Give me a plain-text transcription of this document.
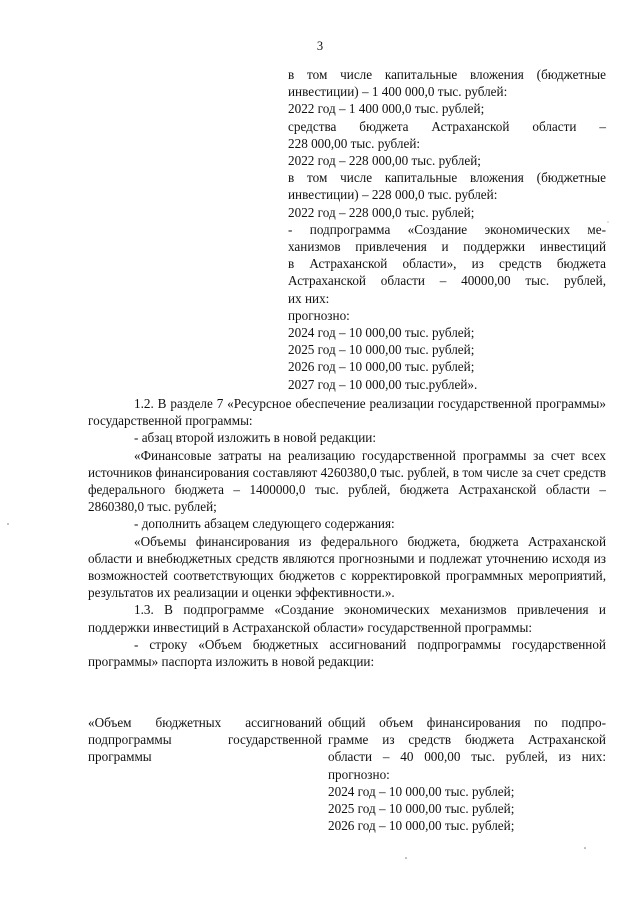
3
в том числе капитальные вложения (бюджетные
инвестиции) – 1 400 000,0 тыс. рублей:
2022 год – 1 400 000,0 тыс. рублей;
средства бюджета Астраханской области –
228 000,00 тыс. рублей:
2022 год – 228 000,00 тыс. рублей;
в том числе капитальные вложения (бюджетные
инвестиции) – 228 000,0 тыс. рублей:
2022 год – 228 000,0 тыс. рублей;
- подпрограмма «Создание экономических ме-
ханизмов привлечения и поддержки инвестиций
в Астраханской области», из средств бюджета
Астраханской области – 40000,00 тыс. рублей,
их них:
прогнозно:
2024 год – 10 000,00 тыс. рублей;
2025 год – 10 000,00 тыс. рублей;
2026 год – 10 000,00 тыс. рублей;
2027 год – 10 000,00 тыс.рублей».
1.2. В разделе 7 «Ресурсное обеспечение реализации государственной программы» государственной программы:
- абзац второй изложить в новой редакции:
«Финансовые затраты на реализацию государственной программы за счет всех источников финансирования составляют 4260380,0 тыс. рублей, в том числе за счет средств федерального бюджета – 1400000,0 тыс. рублей, бюджета Астраханской области – 2860380,0 тыс. рублей;
- дополнить абзацем следующего содержания:
«Объемы финансирования из федерального бюджета, бюджета Астраханской области и внебюджетных средств являются прогнозными и подлежат уточнению исходя из возможностей соответствующих бюджетов с корректировкой программных мероприятий, результатов их реализации и оценки эффективности.».
1.3. В подпрограмме «Создание экономических механизмов привлечения и поддержки инвестиций в Астраханской области» государственной программы:
- строку «Объем бюджетных ассигнований подпрограммы государственной программы» паспорта изложить в новой редакции:
«Объем бюджетных ассигнований подпрограммы государственной программы
общий объем финансирования по подпро-
грамме из средств бюджета Астраханской
области – 40 000,00 тыс. рублей, из них:
прогнозно:
2024 год – 10 000,00 тыс. рублей;
2025 год – 10 000,00 тыс. рублей;
2026 год – 10 000,00 тыс. рублей;
